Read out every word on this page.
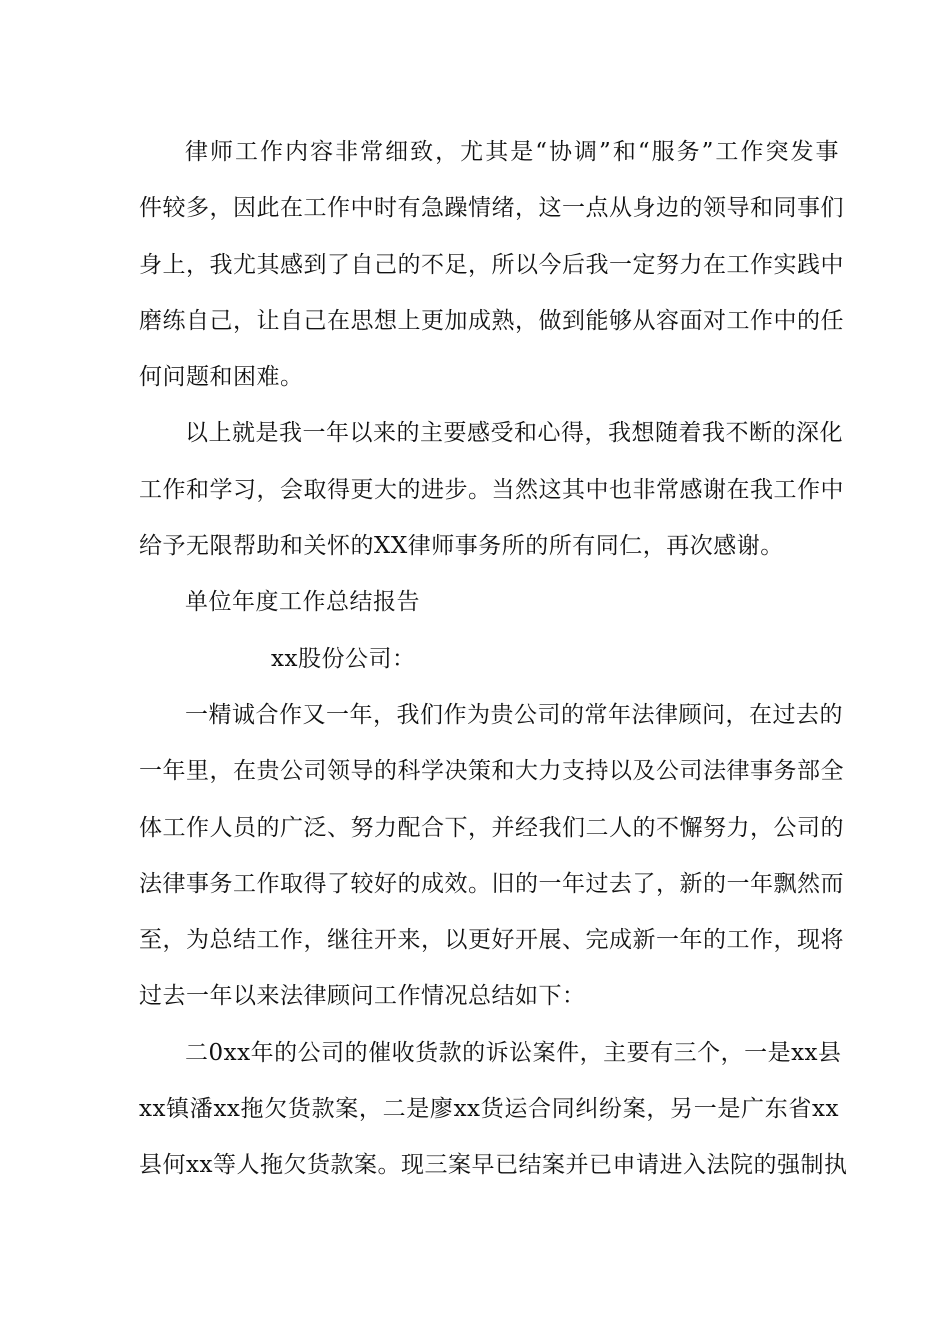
律师工作内容非常细致，尤其是“协调”和“服务”工作突发事
件较多，因此在工作中时有急躁情绪，这一点从身边的领导和同事们
身上，我尤其感到了自己的不足，所以今后我一定努力在工作实践中
磨练自己，让自己在思想上更加成熟，做到能够从容面对工作中的任
何问题和困难。
以上就是我一年以来的主要感受和心得，我想随着我不断的深化
工作和学习，会取得更大的进步。当然这其中也非常感谢在我工作中
给予无限帮助和关怀的XX律师事务所的所有同仁，再次感谢。
单位年度工作总结报告
xx股份公司：
一精诚合作又一年，我们作为贵公司的常年法律顾问，在过去的
一年里，在贵公司领导的科学决策和大力支持以及公司法律事务部全
体工作人员的广泛、努力配合下，并经我们二人的不懈努力，公司的
法律事务工作取得了较好的成效。旧的一年过去了，新的一年飘然而
至，为总结工作，继往开来，以更好开展、完成新一年的工作，现将
过去一年以来法律顾问工作情况总结如下：
二0xx年的公司的催收货款的诉讼案件，主要有三个，一是xx县
xx镇潘xx拖欠货款案，二是廖xx货运合同纠纷案，另一是广东省xx
县何xx等人拖欠货款案。现三案早已结案并已申请进入法院的强制执
